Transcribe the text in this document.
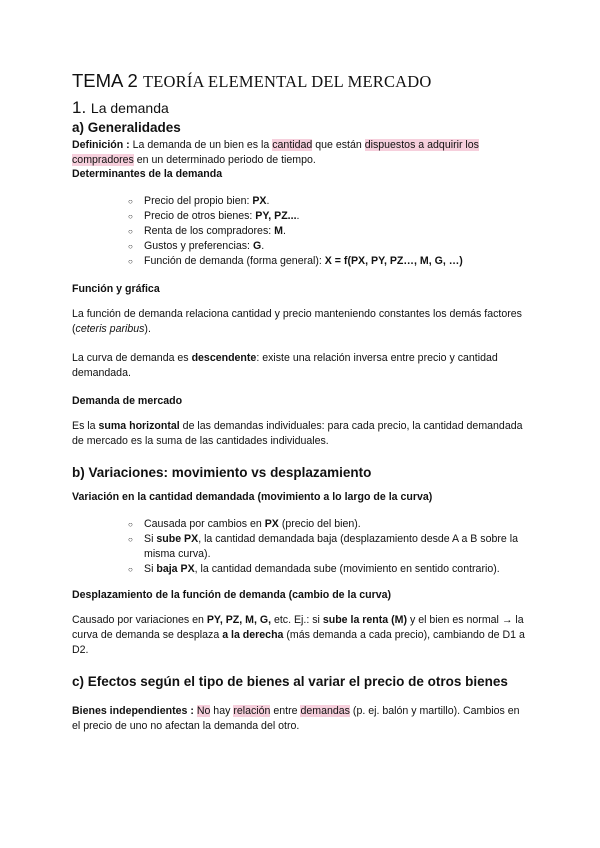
TEMA 2 TEORÍA ELEMENTAL DEL MERCADO
1. La demanda
a) Generalidades

Definición : La demanda de un bien es la cantidad que están dispuestos a adquirir los compradores en un determinado periodo de tiempo.

Determinantes de la demanda
○ Precio del propio bien: PX.
○ Precio de otros bienes: PY, PZ....
○ Renta de los compradores: M.
○ Gustos y preferencias: G.
○ Función de demanda (forma general): X = f(PX, PY, PZ…, M, G, …)
Función y gráfica

La función de demanda relaciona cantidad y precio manteniendo constantes los demás factores (ceteris paribus).

La curva de demanda es descendente: existe una relación inversa entre precio y cantidad demandada.

Demanda de mercado

Es la suma horizontal de las demandas individuales: para cada precio, la cantidad demandada de mercado es la suma de las cantidades individuales.

b) Variaciones: movimiento vs desplazamiento
Variación en la cantidad demandada (movimiento a lo largo de la curva)
○ Causada por cambios en PX (precio del bien).
○ Si sube PX, la cantidad demandada baja (desplazamiento desde A a B sobre la misma curva).
○ Si baja PX, la cantidad demandada sube (movimiento en sentido contrario).
Desplazamiento de la función de demanda (cambio de la curva)

Causado por variaciones en PY, PZ, M, G, etc. Ej.: si sube la renta (M) y el bien es normal → la curva de demanda se desplaza a la derecha (más demanda a cada precio), cambiando de D1 a D2.

c) Efectos según el tipo de bienes al variar el precio de otros bienes

Bienes independientes : No hay relación entre demandas (p. ej. balón y martillo). Cambios en el precio de uno no afectan la demanda del otro.
